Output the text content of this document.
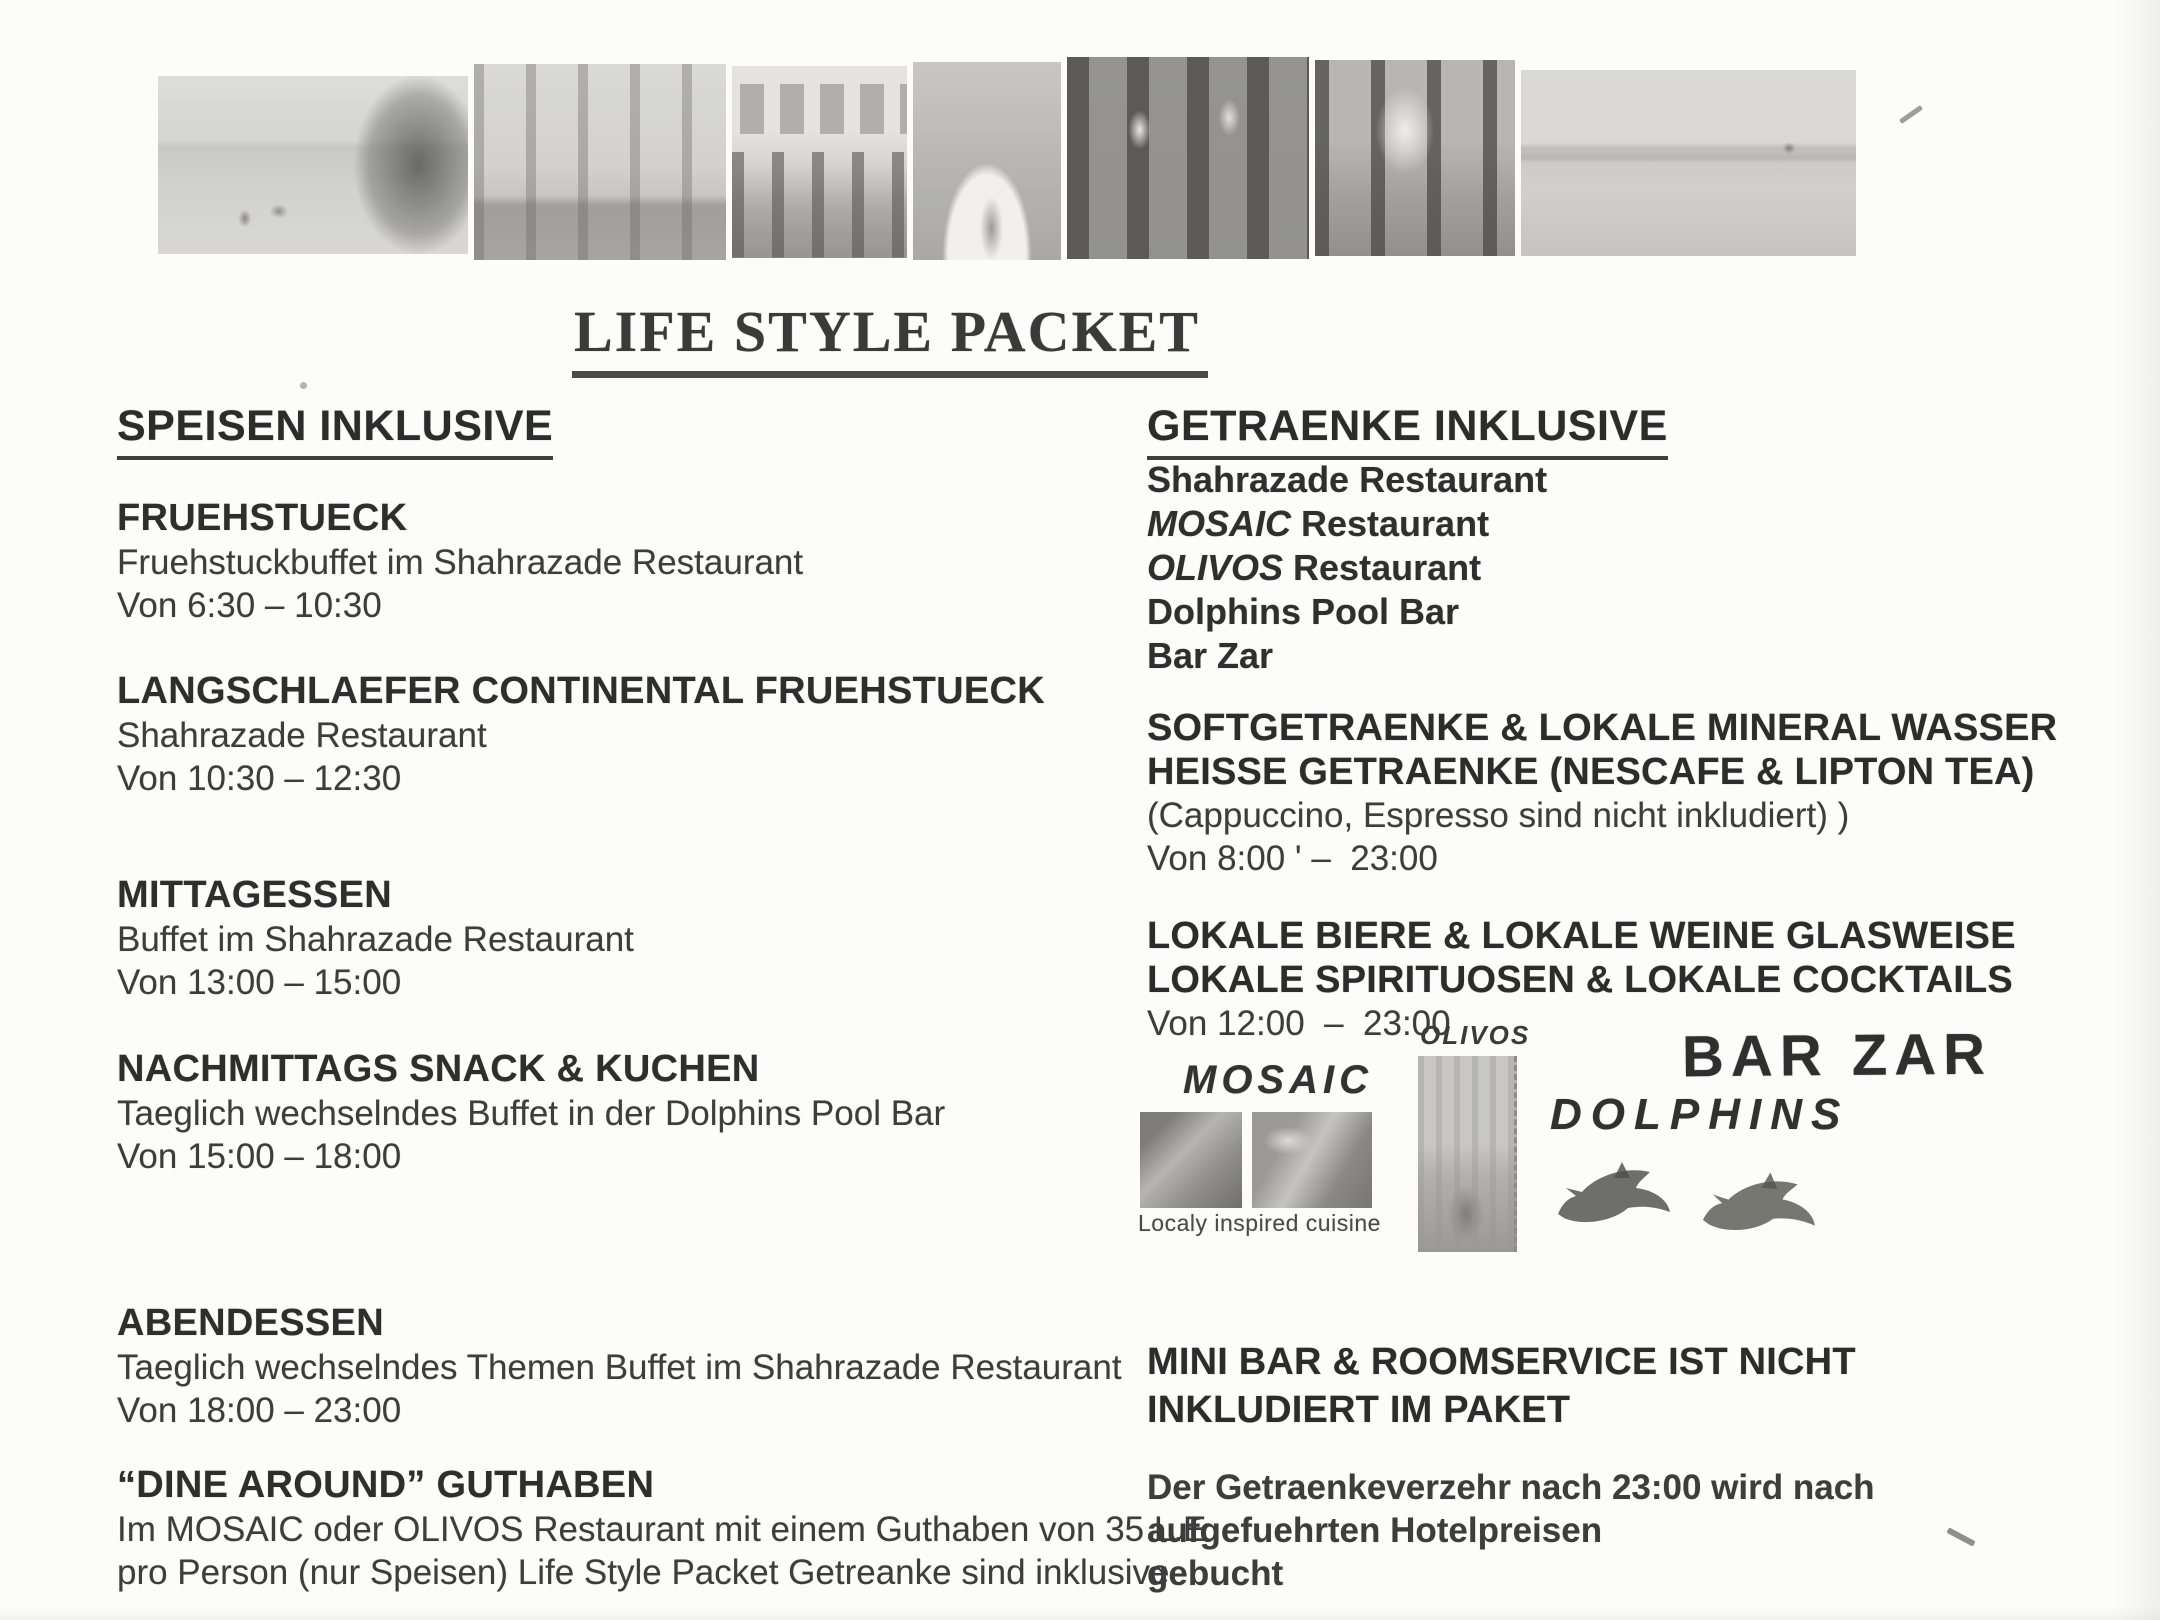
LIFE STYLE PACKET
SPEISEN INKLUSIVE
FRUEHSTUECK
Fruehstuckbuffet im Shahrazade Restaurant
Von 6:30 – 10:30
LANGSCHLAEFER CONTINENTAL FRUEHSTUECK
Shahrazade Restaurant
Von 10:30 – 12:30
MITTAGESSEN
Buffet im Shahrazade Restaurant
Von 13:00 – 15:00
NACHMITTAGS SNACK & KUCHEN
Taeglich wechselndes Buffet in der Dolphins Pool Bar
Von 15:00 – 18:00
ABENDESSEN
Taeglich wechselndes Themen Buffet im Shahrazade Restaurant
Von 18:00 – 23:00
“DINE AROUND” GUTHABEN
Im MOSAIC oder OLIVOS Restaurant mit einem Guthaben von 35 L.E
pro Person (nur Speisen) Life Style Packet Getreanke sind inklusive.
GETRAENKE INKLUSIVE
Shahrazade Restaurant
MOSAIC Restaurant
OLIVOS Restaurant
Dolphins Pool Bar
Bar Zar
SOFTGETRAENKE & LOKALE MINERAL WASSER
HEISSE GETRAENKE (NESCAFE & LIPTON TEA)
(Cappuccino, Espresso sind nicht inkludiert) )
Von 8:00 ' –  23:00
LOKALE BIERE & LOKALE WEINE GLASWEISE
LOKALE SPIRITUOSEN & LOKALE COCKTAILS
Von 12:00  –  23:00
OLIVOS
MOSAIC
Localy inspired cuisine
BAR ZAR
DOLPHINS
MINI BAR & ROOMSERVICE IST NICHT
INKLUDIERT IM PAKET
Der Getraenkeverzehr nach 23:00 wird nach
aufgefuehrten Hotelpreisen
gebucht
